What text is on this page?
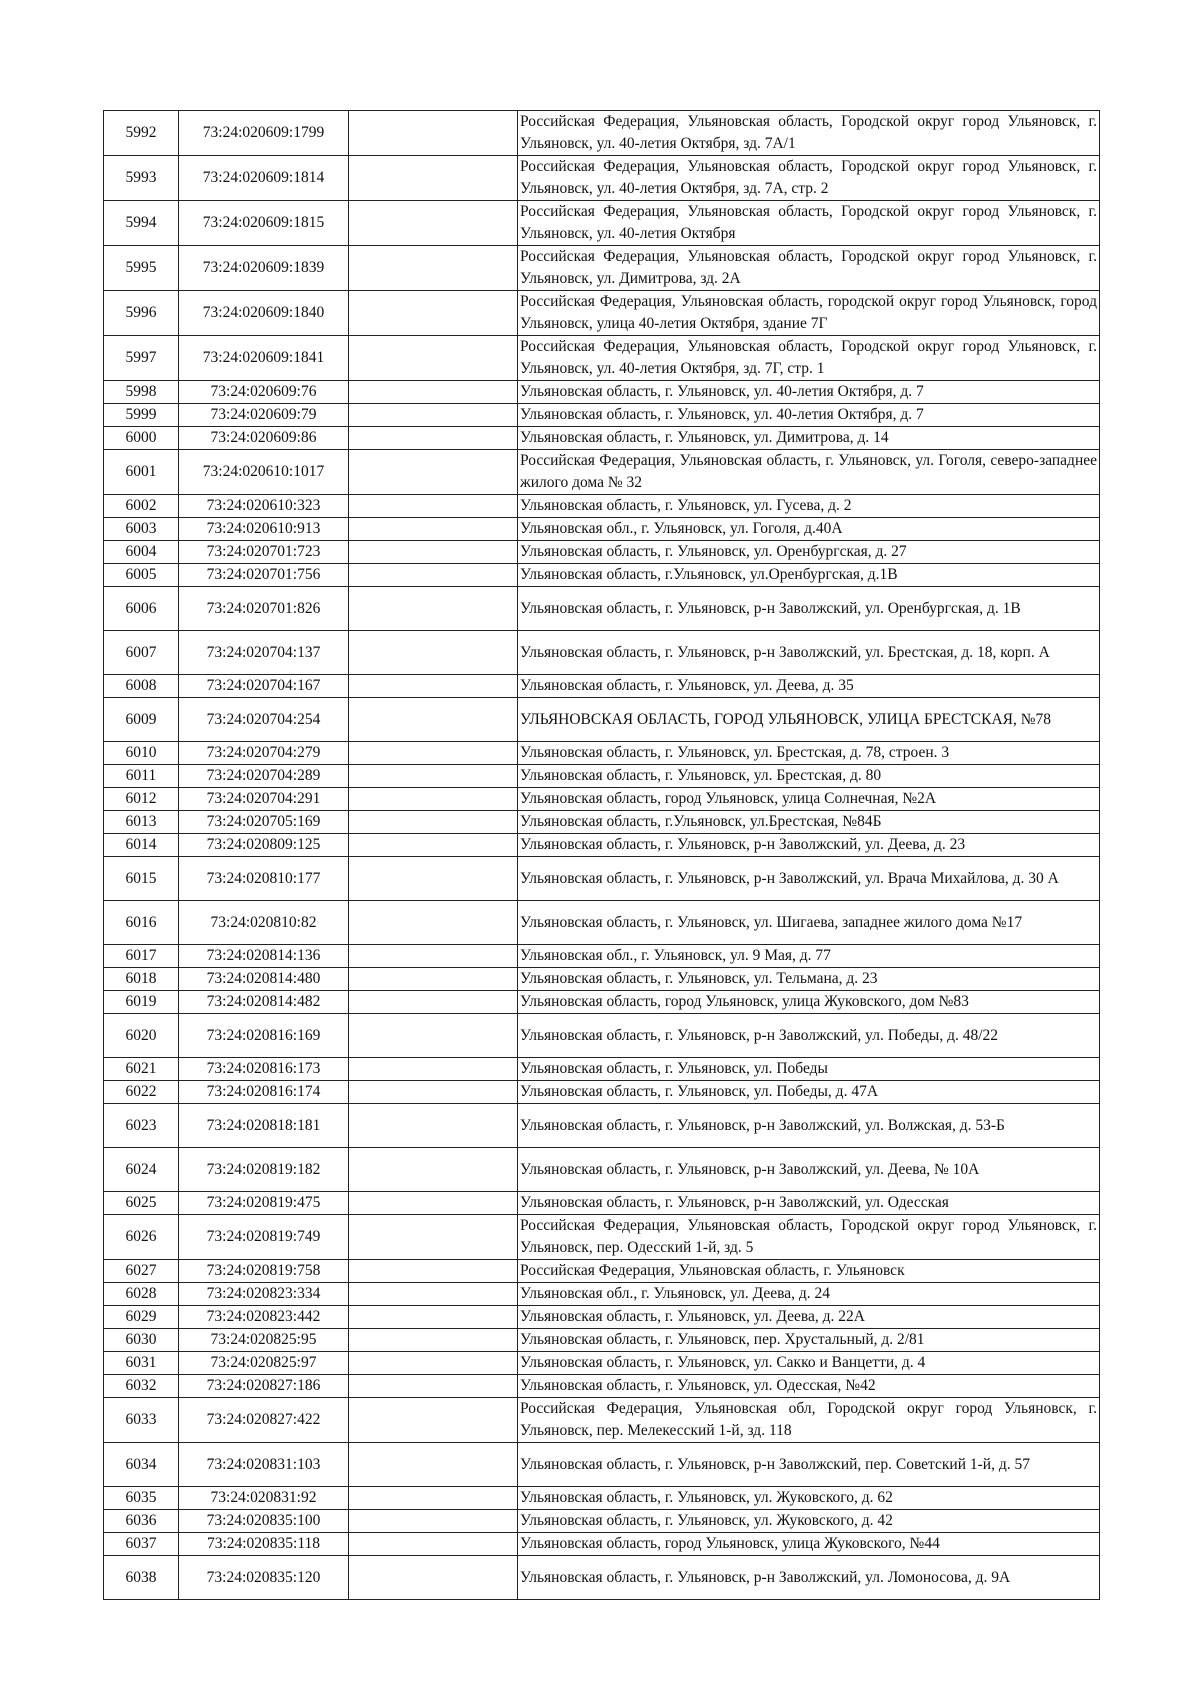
5992	73:24:020609:1799		Российская Федерация, Ульяновская область, Городской округ город Ульяновск, г. Ульяновск, ул. 40-летия Октября, зд. 7А/1
5993	73:24:020609:1814		Российская Федерация, Ульяновская область, Городской округ город Ульяновск, г. Ульяновск, ул. 40-летия Октября, зд. 7А, стр. 2
5994	73:24:020609:1815		Российская Федерация, Ульяновская область, Городской округ город Ульяновск, г. Ульяновск, ул. 40-летия Октября
5995	73:24:020609:1839		Российская Федерация, Ульяновская область, Городской округ город Ульяновск, г. Ульяновск, ул. Димитрова, зд. 2А
5996	73:24:020609:1840		Российская Федерация, Ульяновская область, городской округ город Ульяновск, город Ульяновск, улица 40-летия Октября, здание 7Г
5997	73:24:020609:1841		Российская Федерация, Ульяновская область, Городской округ город Ульяновск, г. Ульяновск, ул. 40-летия Октября, зд. 7Г, стр. 1
5998	73:24:020609:76		Ульяновская область, г. Ульяновск, ул. 40-летия Октября, д. 7
5999	73:24:020609:79		Ульяновская область, г. Ульяновск, ул. 40-летия Октября, д. 7
6000	73:24:020609:86		Ульяновская область, г. Ульяновск, ул. Димитрова, д. 14
6001	73:24:020610:1017		Российская Федерация, Ульяновская область, г. Ульяновск, ул. Гоголя, северо-западнее жилого дома № 32
6002	73:24:020610:323		Ульяновская область, г. Ульяновск, ул. Гусева, д. 2
6003	73:24:020610:913		Ульяновская обл., г. Ульяновск, ул. Гоголя, д.40А
6004	73:24:020701:723		Ульяновская область, г. Ульяновск, ул. Оренбургская, д. 27
6005	73:24:020701:756		Ульяновская область, г.Ульяновск, ул.Оренбургская, д.1В
6006	73:24:020701:826		Ульяновская область, г. Ульяновск, р-н Заволжский, ул. Оренбургская, д. 1В
6007	73:24:020704:137		Ульяновская область, г. Ульяновск, р-н Заволжский, ул. Брестская, д. 18, корп. А
6008	73:24:020704:167		Ульяновская область, г. Ульяновск, ул. Деева, д. 35
6009	73:24:020704:254		УЛЬЯНОВСКАЯ ОБЛАСТЬ, ГОРОД УЛЬЯНОВСК, УЛИЦА БРЕСТСКАЯ, №78
6010	73:24:020704:279		Ульяновская область, г. Ульяновск, ул. Брестская, д. 78, строен. 3
6011	73:24:020704:289		Ульяновская область, г. Ульяновск, ул. Брестская, д. 80
6012	73:24:020704:291		Ульяновская область, город Ульяновск, улица Солнечная, №2А
6013	73:24:020705:169		Ульяновская область, г.Ульяновск, ул.Брестская, №84Б
6014	73:24:020809:125		Ульяновская область, г. Ульяновск, р-н Заволжский, ул. Деева, д. 23
6015	73:24:020810:177		Ульяновская область, г. Ульяновск, р-н Заволжский, ул. Врача Михайлова, д. 30 А
6016	73:24:020810:82		Ульяновская область, г. Ульяновск, ул. Шигаева, западнее жилого дома №17
6017	73:24:020814:136		Ульяновская обл., г. Ульяновск, ул. 9 Мая, д. 77
6018	73:24:020814:480		Ульяновская область, г. Ульяновск, ул. Тельмана, д. 23
6019	73:24:020814:482		Ульяновская область, город Ульяновск, улица Жуковского, дом №83
6020	73:24:020816:169		Ульяновская область, г. Ульяновск, р-н Заволжский, ул. Победы, д. 48/22
6021	73:24:020816:173		Ульяновская область, г. Ульяновск, ул. Победы
6022	73:24:020816:174		Ульяновская область, г. Ульяновск, ул. Победы, д. 47А
6023	73:24:020818:181		Ульяновская область, г. Ульяновск, р-н Заволжский, ул. Волжская, д. 53-Б
6024	73:24:020819:182		Ульяновская область, г. Ульяновск, р-н Заволжский, ул. Деева, № 10А
6025	73:24:020819:475		Ульяновская область, г. Ульяновск, р-н Заволжский, ул. Одесская
6026	73:24:020819:749		Российская Федерация, Ульяновская область, Городской округ город Ульяновск, г. Ульяновск, пер. Одесский 1-й, зд. 5
6027	73:24:020819:758		Российская Федерация, Ульяновская область, г. Ульяновск
6028	73:24:020823:334		Ульяновская обл., г. Ульяновск, ул. Деева, д. 24
6029	73:24:020823:442		Ульяновская область, г. Ульяновск, ул. Деева, д. 22А
6030	73:24:020825:95		Ульяновская область, г. Ульяновск, пер. Хрустальный, д. 2/81
6031	73:24:020825:97		Ульяновская область, г. Ульяновск, ул. Сакко и Ванцетти, д. 4
6032	73:24:020827:186		Ульяновская область, г. Ульяновск, ул. Одесская, №42
6033	73:24:020827:422		Российская Федерация, Ульяновская обл, Городской округ город Ульяновск, г. Ульяновск, пер. Мелекесский 1-й, зд. 118
6034	73:24:020831:103		Ульяновская область, г. Ульяновск, р-н Заволжский, пер. Советский 1-й, д. 57
6035	73:24:020831:92		Ульяновская область, г. Ульяновск, ул. Жуковского, д. 62
6036	73:24:020835:100		Ульяновская область, г. Ульяновск, ул. Жуковского, д. 42
6037	73:24:020835:118		Ульяновская область, город Ульяновск, улица Жуковского, №44
6038	73:24:020835:120		Ульяновская область, г. Ульяновск, р-н Заволжский, ул. Ломоносова, д. 9А
